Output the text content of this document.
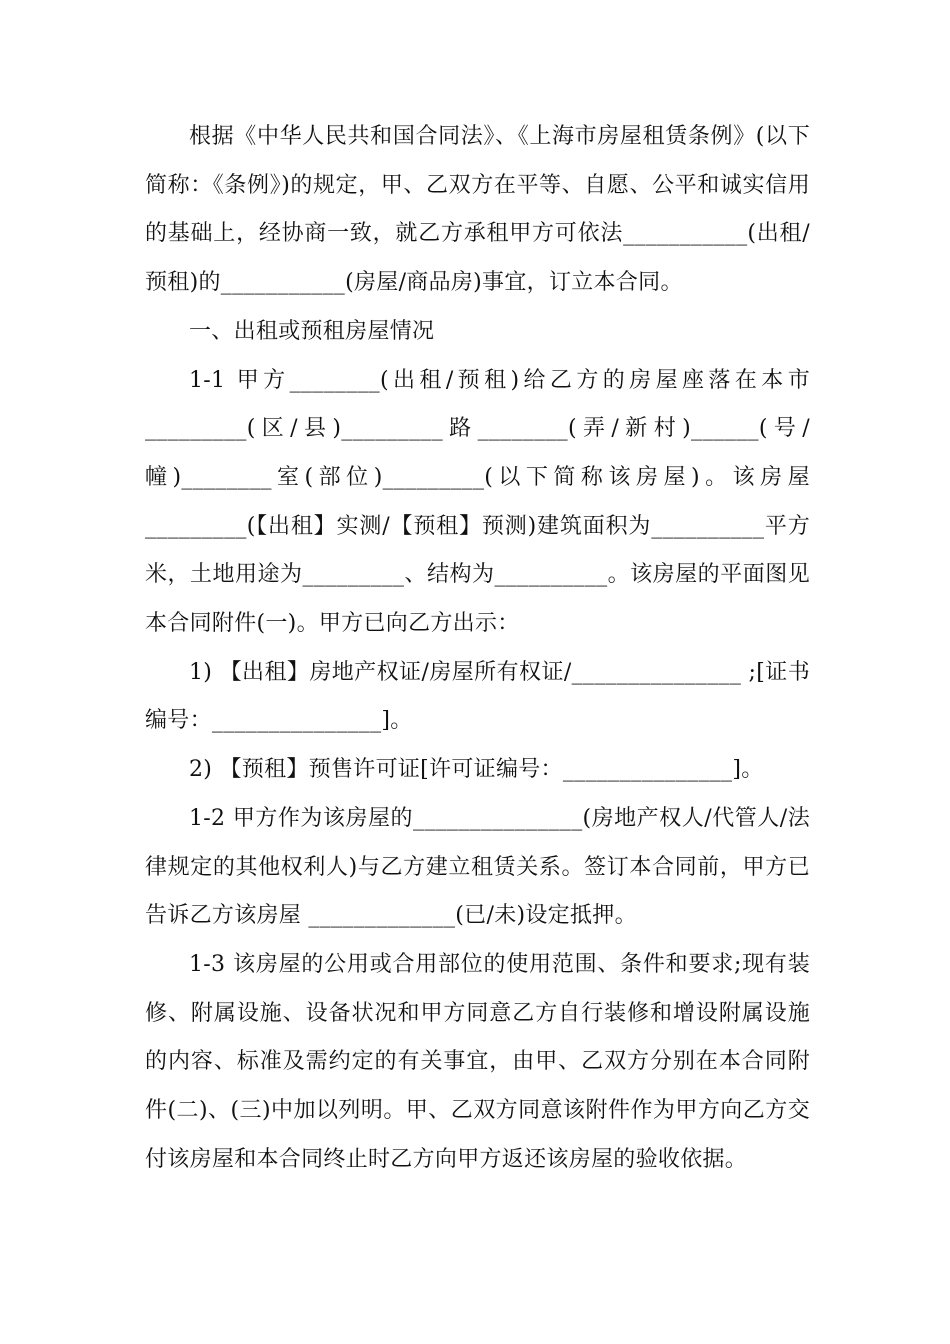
根据《中华人民共和国合同法》、《上海市房屋租赁条例》(以下简称：《条例》)的规定，甲、乙双方在平等、自愿、公平和诚实信用的基础上，经协商一致，就乙方承租甲方可依法___________(出租/预租)的___________(房屋/商品房)事宜，订立本合同。

一、出租或预租房屋情况

1-1 甲方________(出租/预租)给乙方的房屋座落在本市_________(区/县)_________路________(弄/新村)______(号/幢)________室(部位)_________(以下简称该房屋)。该房屋_________(【出租】实测/【预租】预测)建筑面积为__________平方米，土地用途为_________、结构为__________。该房屋的平面图见本合同附件(一)。甲方已向乙方出示：

1) 【出租】房地产权证/房屋所有权证/_______________ ;[证书编号：_______________]。

2) 【预租】预售许可证[许可证编号：_______________]。

1-2 甲方作为该房屋的_______________(房地产权人/代管人/法律规定的其他权利人)与乙方建立租赁关系。签订本合同前，甲方已告诉乙方该房屋 _____________(已/未)设定抵押。

1-3 该房屋的公用或合用部位的使用范围、条件和要求;现有装修、附属设施、设备状况和甲方同意乙方自行装修和增设附属设施的内容、标准及需约定的有关事宜，由甲、乙双方分别在本合同附件(二)、(三)中加以列明。甲、乙双方同意该附件作为甲方向乙方交付该房屋和本合同终止时乙方向甲方返还该房屋的验收依据。
